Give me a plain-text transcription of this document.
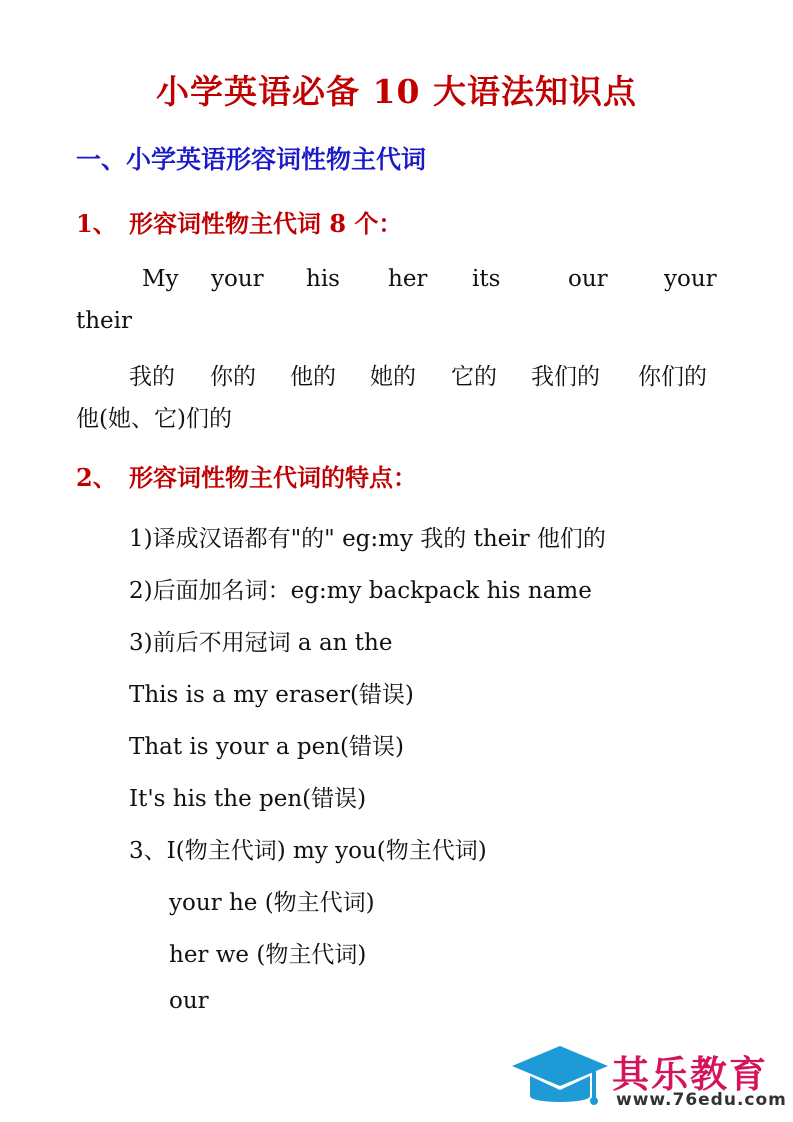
小学英语必备 10 大语法知识点
一、小学英语形容词性物主代词
1、 形容词性物主代词 8 个：
My your his her its	our your
their
我的 你的 他的 她的 它的 我们的 你们的
他(她、它)们的
2、 形容词性物主代词的特点：
1)译成汉语都有"的" eg:my 我的 their 他们的
2)后面加名词：eg:my backpack his name
3)前后不用冠词 a an the
This is a my eraser(错误)
That is your a pen(错误)
It's his the pen(错误)
3、I(物主代词) my you(物主代词)
your he (物主代词)
her we (物主代词)
our
其乐教育
www.76edu.com
